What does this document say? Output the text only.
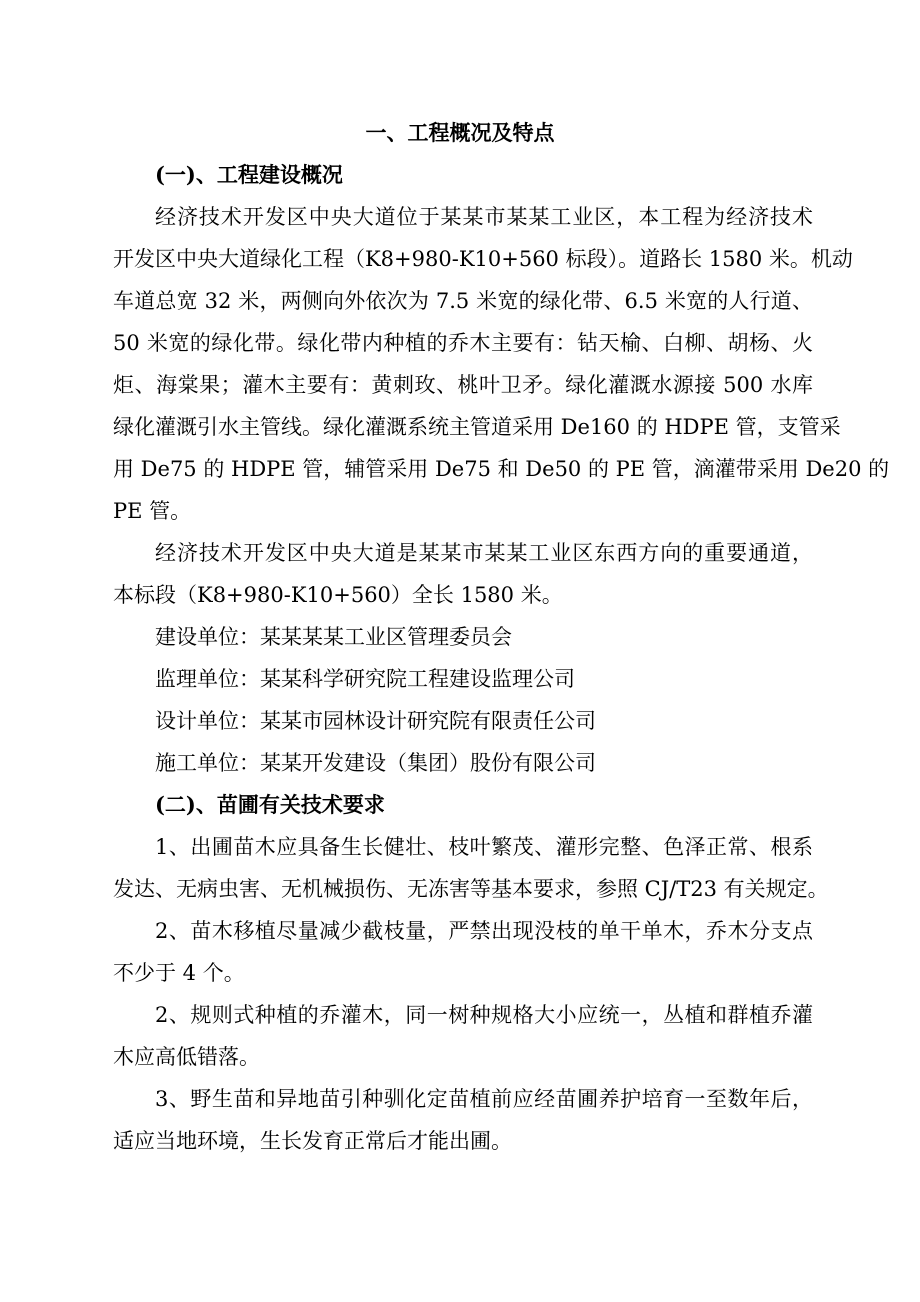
一、工程概况及特点
(一)、工程建设概况
经济技术开发区中央大道位于某某市某某工业区，本工程为经济技术
开发区中央大道绿化工程（K8+980-K10+560 标段）。道路长 1580 米。机动
车道总宽 32 米，两侧向外依次为 7.5 米宽的绿化带、6.5 米宽的人行道、
50 米宽的绿化带。绿化带内种植的乔木主要有：钻天榆、白柳、胡杨、火
炬、海棠果；灌木主要有：黄刺玫、桃叶卫矛。绿化灌溉水源接 500 水库
绿化灌溉引水主管线。绿化灌溉系统主管道采用 De160 的 HDPE 管，支管采
用 De75 的 HDPE 管，辅管采用 De75 和 De50 的 PE 管，滴灌带采用 De20 的
PE 管。
经济技术开发区中央大道是某某市某某工业区东西方向的重要通道，
本标段（K8+980-K10+560）全长 1580 米。
建设单位：某某某某工业区管理委员会
监理单位：某某科学研究院工程建设监理公司
设计单位：某某市园林设计研究院有限责任公司
施工单位：某某开发建设（集团）股份有限公司
(二)、苗圃有关技术要求
1、出圃苗木应具备生长健壮、枝叶繁茂、灌形完整、色泽正常、根系
发达、无病虫害、无机械损伤、无冻害等基本要求，参照 CJ/T23 有关规定。
2、苗木移植尽量减少截枝量，严禁出现没枝的单干单木，乔木分支点
不少于 4 个。
2、规则式种植的乔灌木，同一树种规格大小应统一，丛植和群植乔灌
木应高低错落。
3、野生苗和异地苗引种驯化定苗植前应经苗圃养护培育一至数年后，
适应当地环境，生长发育正常后才能出圃。
